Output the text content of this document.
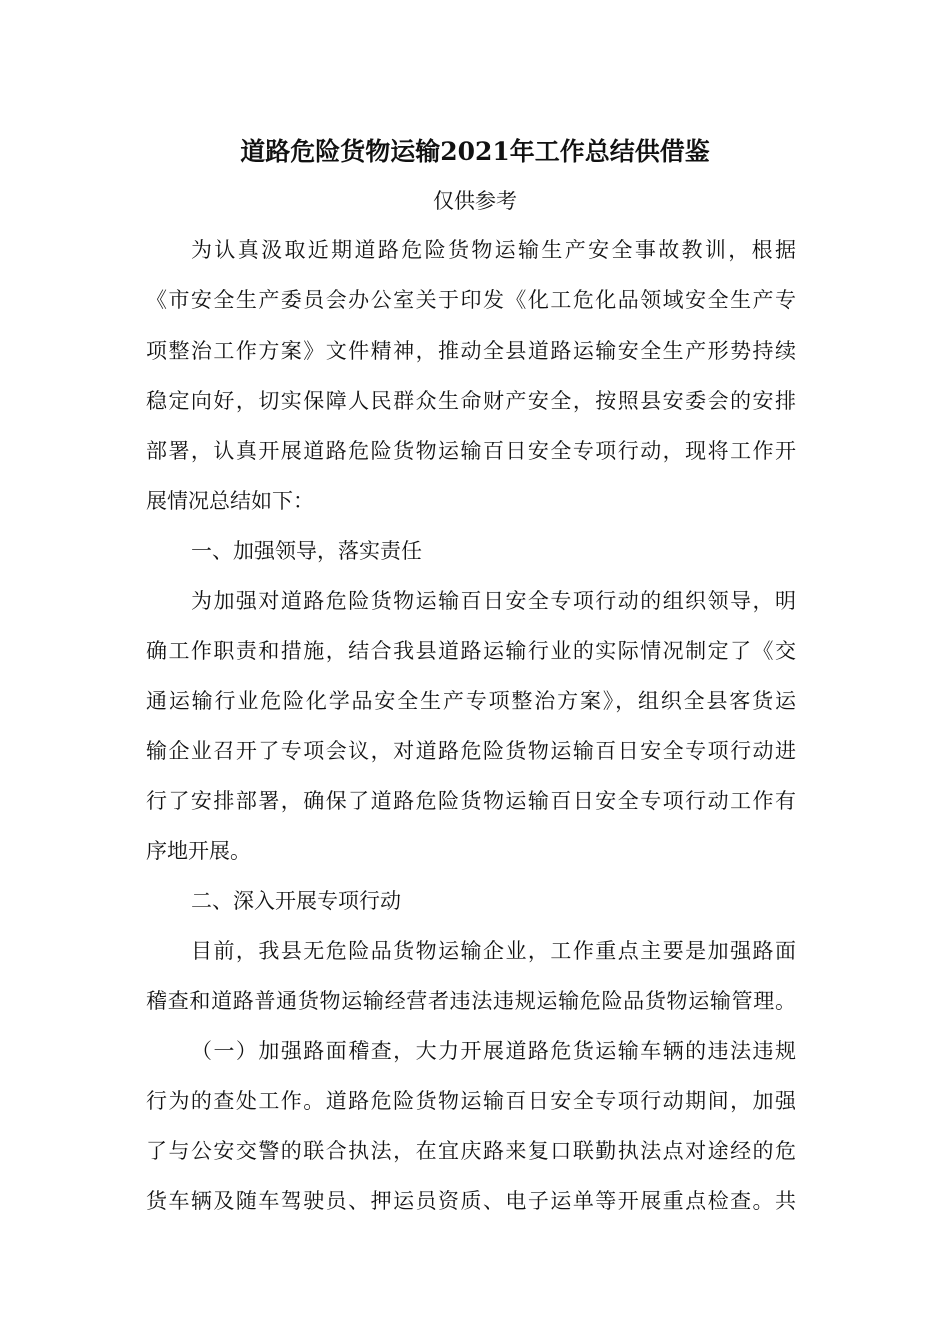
道路危险货物运输2021年工作总结供借鉴
仅供参考
为认真汲取近期道路危险货物运输生产安全事故教训，根据
《市安全生产委员会办公室关于印发《化工危化品领域安全生产专
项整治工作方案》文件精神，推动全县道路运输安全生产形势持续
稳定向好，切实保障人民群众生命财产安全，按照县安委会的安排
部署，认真开展道路危险货物运输百日安全专项行动，现将工作开
展情况总结如下：
一、加强领导，落实责任
为加强对道路危险货物运输百日安全专项行动的组织领导，明
确工作职责和措施，结合我县道路运输行业的实际情况制定了《交
通运输行业危险化学品安全生产专项整治方案》，组织全县客货运
输企业召开了专项会议，对道路危险货物运输百日安全专项行动进
行了安排部署，确保了道路危险货物运输百日安全专项行动工作有
序地开展。
二、深入开展专项行动
目前，我县无危险品货物运输企业，工作重点主要是加强路面
稽查和道路普通货物运输经营者违法违规运输危险品货物运输管理。
（一）加强路面稽查，大力开展道路危货运输车辆的违法违规
行为的查处工作。道路危险货物运输百日安全专项行动期间，加强
了与公安交警的联合执法，在宜庆路来复口联勤执法点对途经的危
货车辆及随车驾驶员、押运员资质、电子运单等开展重点检查。共
